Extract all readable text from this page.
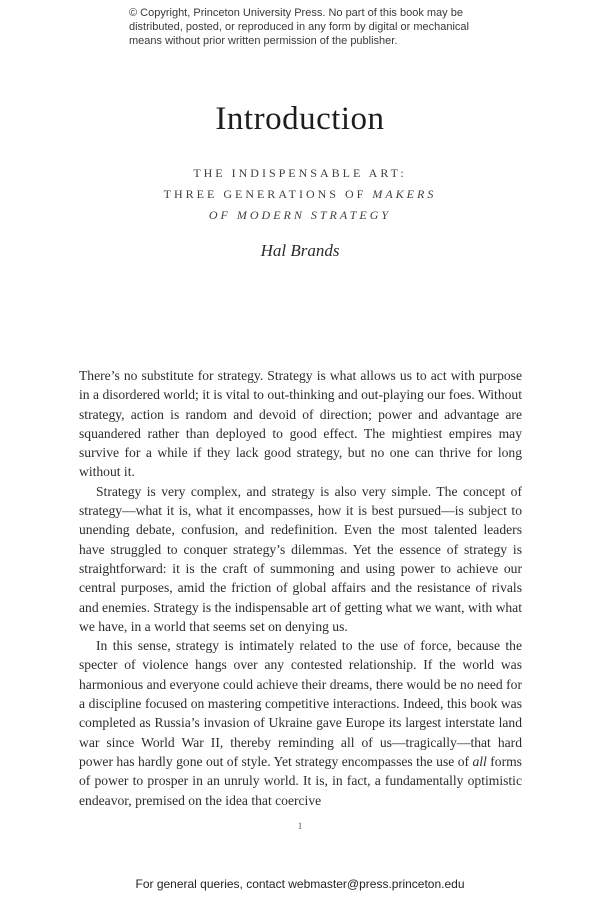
© Copyright, Princeton University Press. No part of this book may be
distributed, posted, or reproduced in any form by digital or mechanical
means without prior written permission of the publisher.
Introduction
THE INDISPENSABLE ART:
THREE GENERATIONS OF MAKERS
OF MODERN STRATEGY
Hal Brands

There’s no substitute for strategy. Strategy is what allows us to act with purpose in a disordered world; it is vital to out-thinking and out-playing our foes. Without strategy, action is random and devoid of direction; power and advantage are squandered rather than deployed to good effect. The mightiest empires may survive for a while if they lack good strategy, but no one can thrive for long without it.

Strategy is very complex, and strategy is also very simple. The concept of strategy—what it is, what it encompasses, how it is best pursued—is subject to unending debate, confusion, and redefinition. Even the most talented leaders have struggled to conquer strategy’s dilemmas. Yet the essence of strategy is straightforward: it is the craft of summoning and using power to achieve our central purposes, amid the friction of global affairs and the resistance of rivals and enemies. Strategy is the indispensable art of getting what we want, with what we have, in a world that seems set on denying us.

In this sense, strategy is intimately related to the use of force, because the specter of violence hangs over any contested relationship. If the world was harmonious and everyone could achieve their dreams, there would be no need for a discipline focused on mastering competitive interactions. Indeed, this book was completed as Russia’s invasion of Ukraine gave Europe its largest interstate land war since World War II, thereby reminding all of us—tragically—that hard power has hardly gone out of style. Yet strategy encompasses the use of all forms of power to prosper in an unruly world. It is, in fact, a fundamentally optimistic endeavor, premised on the idea that coercive

1
For general queries, contact webmaster@press.princeton.edu
